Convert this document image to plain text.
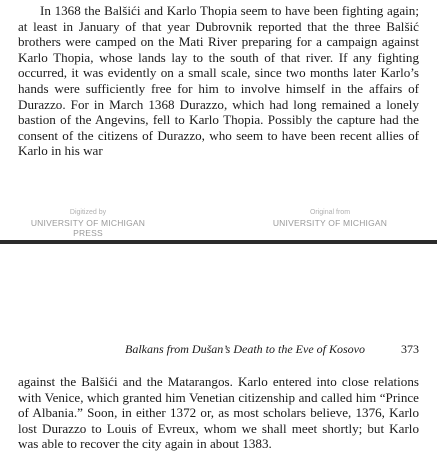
In 1368 the Balšići and Karlo Thopia seem to have been fighting again; at least in January of that year Dubrovnik reported that the three Balšić brothers were camped on the Mati River preparing for a campaign against Karlo Thopia, whose lands lay to the south of that river. If any fighting occurred, it was evidently on a small scale, since two months later Karlo’s hands were sufficiently free for him to involve himself in the affairs of Durazzo. For in March 1368 Durazzo, which had long remained a lonely bastion of the Angevins, fell to Karlo Thopia. Possibly the capture had the consent of the citizens of Durazzo, who seem to have been recent allies of Karlo in his war

Digitized by
UNIVERSITY OF MICHIGAN PRESS
Original from
UNIVERSITY OF MICHIGAN
Balkans from Dušan’s Death to the Eve of Kosovo	373

against the Balšići and the Matarangos. Karlo entered into close relations with Venice, which granted him Venetian citizenship and called him “Prince of Albania.” Soon, in either 1372 or, as most scholars believe, 1376, Karlo lost Durazzo to Louis of Evreux, whom we shall meet shortly; but Karlo was able to recover the city again in about 1383.
